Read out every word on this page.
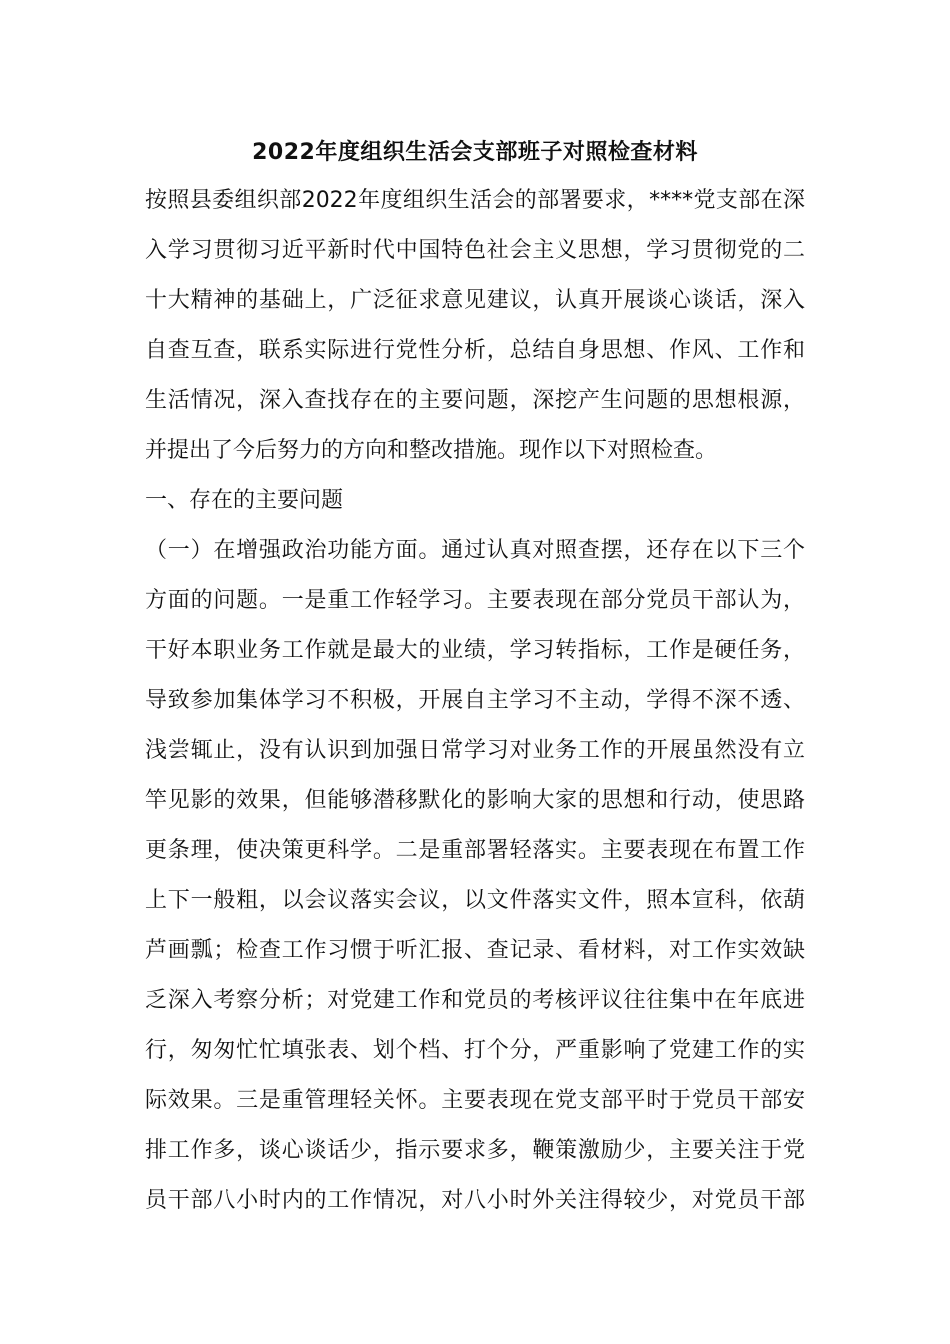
2022年度组织生活会支部班子对照检查材料
按照县委组织部2022年度组织生活会的部署要求，****党支部在深
入学习贯彻习近平新时代中国特色社会主义思想，学习贯彻党的二
十大精神的基础上，广泛征求意见建议，认真开展谈心谈话，深入
自查互查，联系实际进行党性分析，总结自身思想、作风、工作和
生活情况，深入查找存在的主要问题，深挖产生问题的思想根源，
并提出了今后努力的方向和整改措施。现作以下对照检查。
一、存在的主要问题
（一）在增强政治功能方面。通过认真对照查摆，还存在以下三个
方面的问题。一是重工作轻学习。主要表现在部分党员干部认为，
干好本职业务工作就是最大的业绩，学习转指标，工作是硬任务，
导致参加集体学习不积极，开展自主学习不主动，学得不深不透、
浅尝辄止，没有认识到加强日常学习对业务工作的开展虽然没有立
竿见影的效果，但能够潜移默化的影响大家的思想和行动，使思路
更条理，使决策更科学。二是重部署轻落实。主要表现在布置工作
上下一般粗，以会议落实会议，以文件落实文件，照本宣科，依葫
芦画瓢；检查工作习惯于听汇报、查记录、看材料，对工作实效缺
乏深入考察分析；对党建工作和党员的考核评议往往集中在年底进
行，匆匆忙忙填张表、划个档、打个分，严重影响了党建工作的实
际效果。三是重管理轻关怀。主要表现在党支部平时于党员干部安
排工作多，谈心谈话少，指示要求多，鞭策激励少，主要关注于党
员干部八小时内的工作情况，对八小时外关注得较少，对党员干部
